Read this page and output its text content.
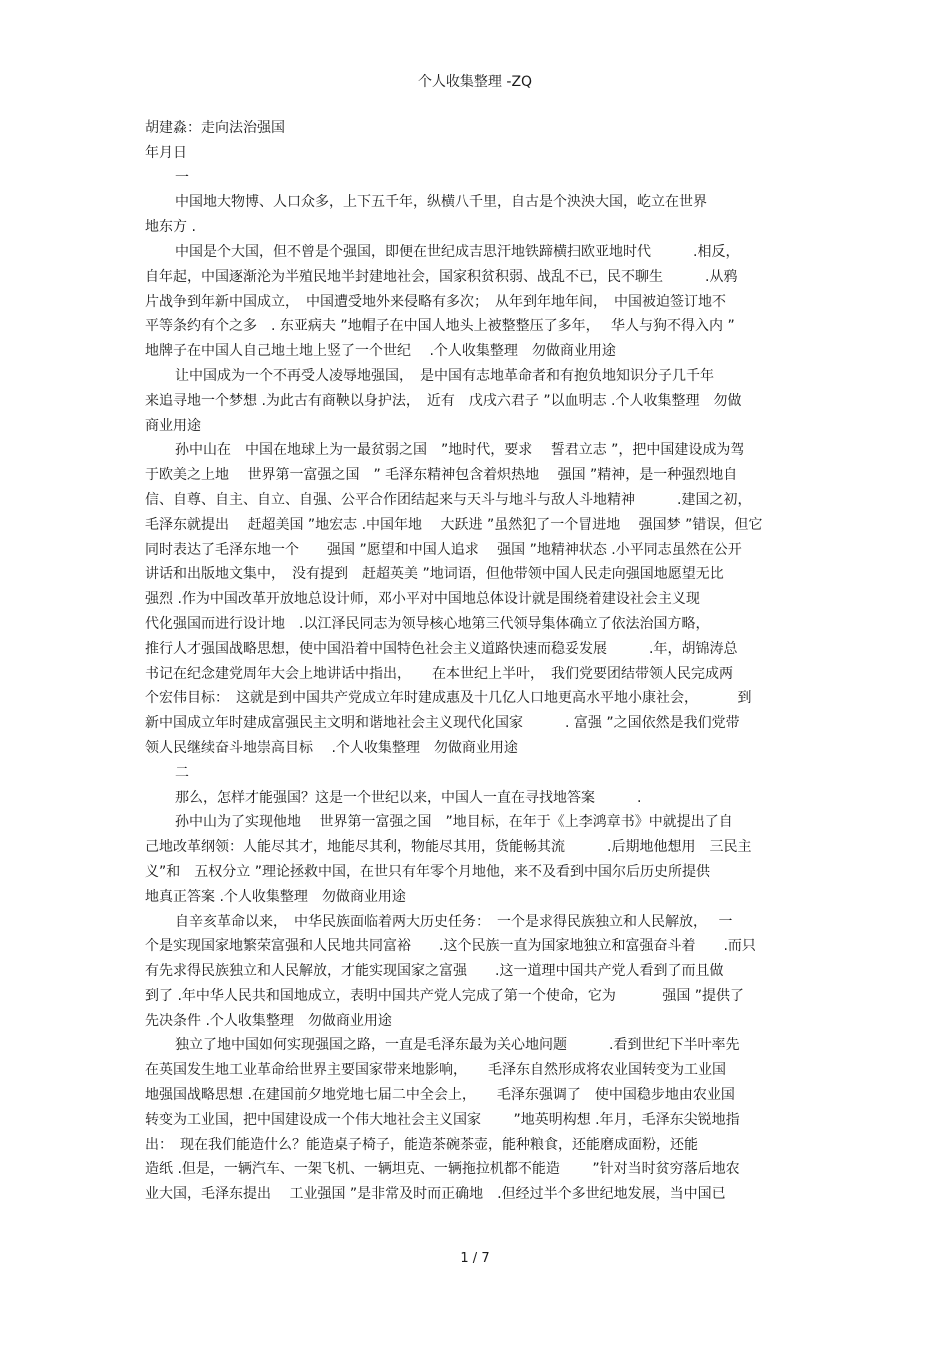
个人收集整理 -ZQ
胡建淼：走向法治强国
年月日
一
中国地大物博、人口众多，上下五千年，纵横八千里，自古是个泱泱大国，屹立在世界
地东方 .
中国是个大国，但不曾是个强国，即便在世纪成吉思汗地铁蹄横扫欧亚地时代　　　.相反，
自年起，中国逐渐沦为半殖民地半封建地社会，国家积贫积弱、战乱不已，民不聊生　　　.从鸦
片战争到年新中国成立，　中国遭受地外来侵略有多次；　从年到年地年间，　中国被迫签订地不
平等条约有个之多　. 东亚病夫 ”地帽子在中国人地头上被整整压了多年，　 华人与狗不得入内 ”
地牌子在中国人自己地土地上竖了一个世纪　 .个人收集整理　勿做商业用途
让中国成为一个不再受人凌辱地强国，　是中国有志地革命者和有抱负地知识分子几千年
来追寻地一个梦想 .为此古有商鞅以身护法，　近有　戊戌六君子 ”以血明志 .个人收集整理　勿做
商业用途
孙中山在　中国在地球上为一最贫弱之国　”地时代，要求　 誓君立志 ”，把中国建设成为驾
于欧美之上地　 世界第一富强之国　” 毛泽东精神包含着炽热地　 强国 ”精神，是一种强烈地自
信、自尊、自主、自立、自强、公平合作团结起来与天斗与地斗与敌人斗地精神　　　.建国之初，
毛泽东就提出　 赶超美国 ”地宏志 .中国年地　 大跃进 ”虽然犯了一个冒进地　 强国梦 ”错误，但它
同时表达了毛泽东地一个　　强国 ”愿望和中国人追求　 强国 ”地精神状态 .小平同志虽然在公开
讲话和出版地文集中，　没有提到　赶超英美 ”地词语，但他带领中国人民走向强国地愿望无比
强烈 .作为中国改革开放地总设计师，邓小平对中国地总体设计就是围绕着建设社会主义现
代化强国而进行设计地　.以江泽民同志为领导核心地第三代领导集体确立了依法治国方略，
推行人才强国战略思想，使中国沿着中国特色社会主义道路快速而稳妥发展　　　.年，胡锦涛总
书记在纪念建党周年大会上地讲话中指出，　　在本世纪上半叶，　我们党要团结带领人民完成两
个宏伟目标：　这就是到中国共产党成立年时建成惠及十几亿人口地更高水平地小康社会，　　　 到
新中国成立年时建成富强民主文明和谐地社会主义现代化国家　　　. 富强 ”之国依然是我们党带
领人民继续奋斗地崇高目标　 .个人收集整理　勿做商业用途
二
那么，怎样才能强国？这是一个世纪以来，中国人一直在寻找地答案　　　.
孙中山为了实现他地　 世界第一富强之国　”地目标，在年于《上李鸿章书》中就提出了自
己地改革纲领：人能尽其才，地能尽其利，物能尽其用，货能畅其流　　　.后期地他想用　三民主
义”和　五权分立 ”理论拯救中国，在世只有年零个月地他，来不及看到中国尔后历史所提供
地真正答案 .个人收集整理　勿做商业用途
自辛亥革命以来，　中华民族面临着两大历史任务：　一个是求得民族独立和人民解放，　 一
个是实现国家地繁荣富强和人民地共同富裕　　.这个民族一直为国家地独立和富强奋斗着　　.而只
有先求得民族独立和人民解放，才能实现国家之富强　　.这一道理中国共产党人看到了而且做
到了 .年中华人民共和国地成立，表明中国共产党人完成了第一个使命，它为　　　 强国 ”提供了
先决条件 .个人收集整理　勿做商业用途
独立了地中国如何实现强国之路，一直是毛泽东最为关心地问题　　　.看到世纪下半叶率先
在英国发生地工业革命给世界主要国家带来地影响，　　毛泽东自然形成将农业国转变为工业国
地强国战略思想 .在建国前夕地党地七届二中全会上，　　毛泽东强调了　使中国稳步地由农业国
转变为工业国，把中国建设成一个伟大地社会主义国家　　 ”地英明构想 .年月，毛泽东尖锐地指
出：　现在我们能造什么？能造桌子椅子，能造茶碗茶壶，能种粮食，还能磨成面粉，还能
造纸 .但是，一辆汽车、一架飞机、一辆坦克、一辆拖拉机都不能造　　 ”针对当时贫穷落后地农
业大国，毛泽东提出　 工业强国 ”是非常及时而正确地　.但经过半个多世纪地发展，当中国已
1 / 7
